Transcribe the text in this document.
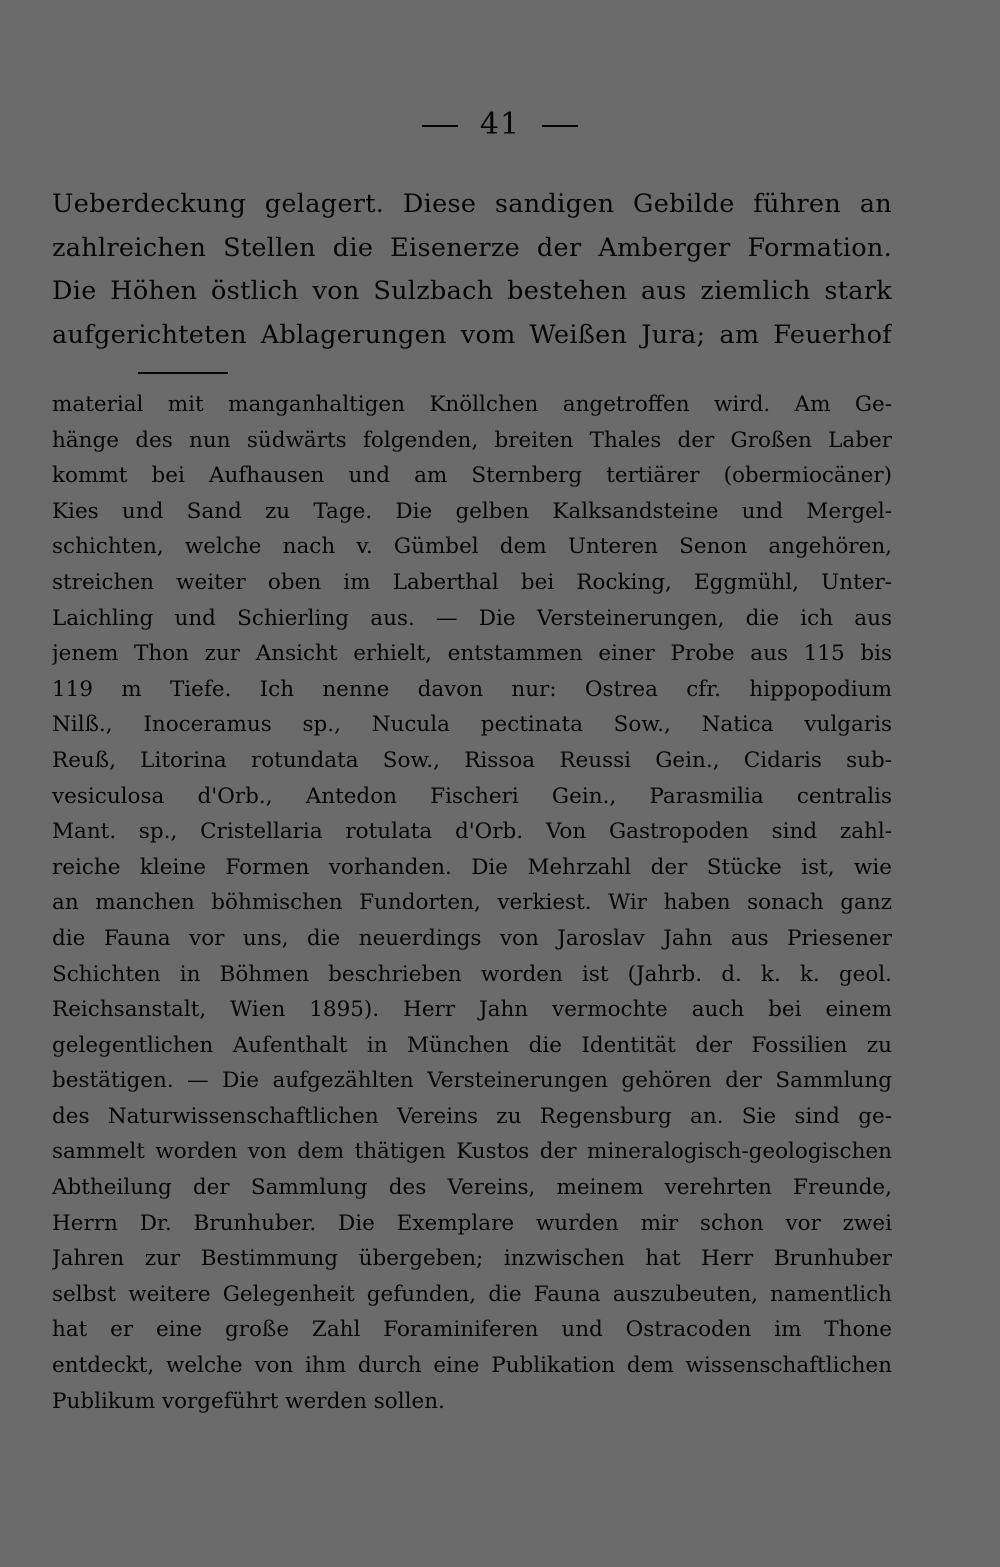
41
Ueberdeckung gelagert. Diese sandigen Gebilde führen an
zahlreichen Stellen die Eisenerze der Amberger Formation.
Die Höhen östlich von Sulzbach bestehen aus ziemlich stark
aufgerichteten Ablagerungen vom Weißen Jura; am Feuerhof
material mit manganhaltigen Knöllchen angetroffen wird. Am Ge-
hänge des nun südwärts folgenden, breiten Thales der Großen Laber
kommt bei Aufhausen und am Sternberg tertiärer (obermiocäner)
Kies und Sand zu Tage. Die gelben Kalksandsteine und Mergel-
schichten, welche nach v. Gümbel dem Unteren Senon angehören,
streichen weiter oben im Laberthal bei Rocking, Eggmühl, Unter-
Laichling und Schierling aus. — Die Versteinerungen, die ich aus
jenem Thon zur Ansicht erhielt, entstammen einer Probe aus 115 bis
119 m Tiefe. Ich nenne davon nur: Ostrea cfr. hippopodium
Nilß., Inoceramus sp., Nucula pectinata Sow., Natica vulgaris
Reuß, Litorina rotundata Sow., Rissoa Reussi Gein., Cidaris sub-
vesiculosa d'Orb., Antedon Fischeri Gein., Parasmilia centralis
Mant. sp., Cristellaria rotulata d'Orb. Von Gastropoden sind zahl-
reiche kleine Formen vorhanden. Die Mehrzahl der Stücke ist, wie
an manchen böhmischen Fundorten, verkiest. Wir haben sonach ganz
die Fauna vor uns, die neuerdings von Jaroslav Jahn aus Priesener
Schichten in Böhmen beschrieben worden ist (Jahrb. d. k. k. geol.
Reichsanstalt, Wien 1895). Herr Jahn vermochte auch bei einem
gelegentlichen Aufenthalt in München die Identität der Fossilien zu
bestätigen. — Die aufgezählten Versteinerungen gehören der Sammlung
des Naturwissenschaftlichen Vereins zu Regensburg an. Sie sind ge-
sammelt worden von dem thätigen Kustos der mineralogisch-geologischen
Abtheilung der Sammlung des Vereins, meinem verehrten Freunde,
Herrn Dr. Brunhuber. Die Exemplare wurden mir schon vor zwei
Jahren zur Bestimmung übergeben; inzwischen hat Herr Brunhuber
selbst weitere Gelegenheit gefunden, die Fauna auszubeuten, namentlich
hat er eine große Zahl Foraminiferen und Ostracoden im Thone
entdeckt, welche von ihm durch eine Publikation dem wissenschaftlichen
Publikum vorgeführt werden sollen.
